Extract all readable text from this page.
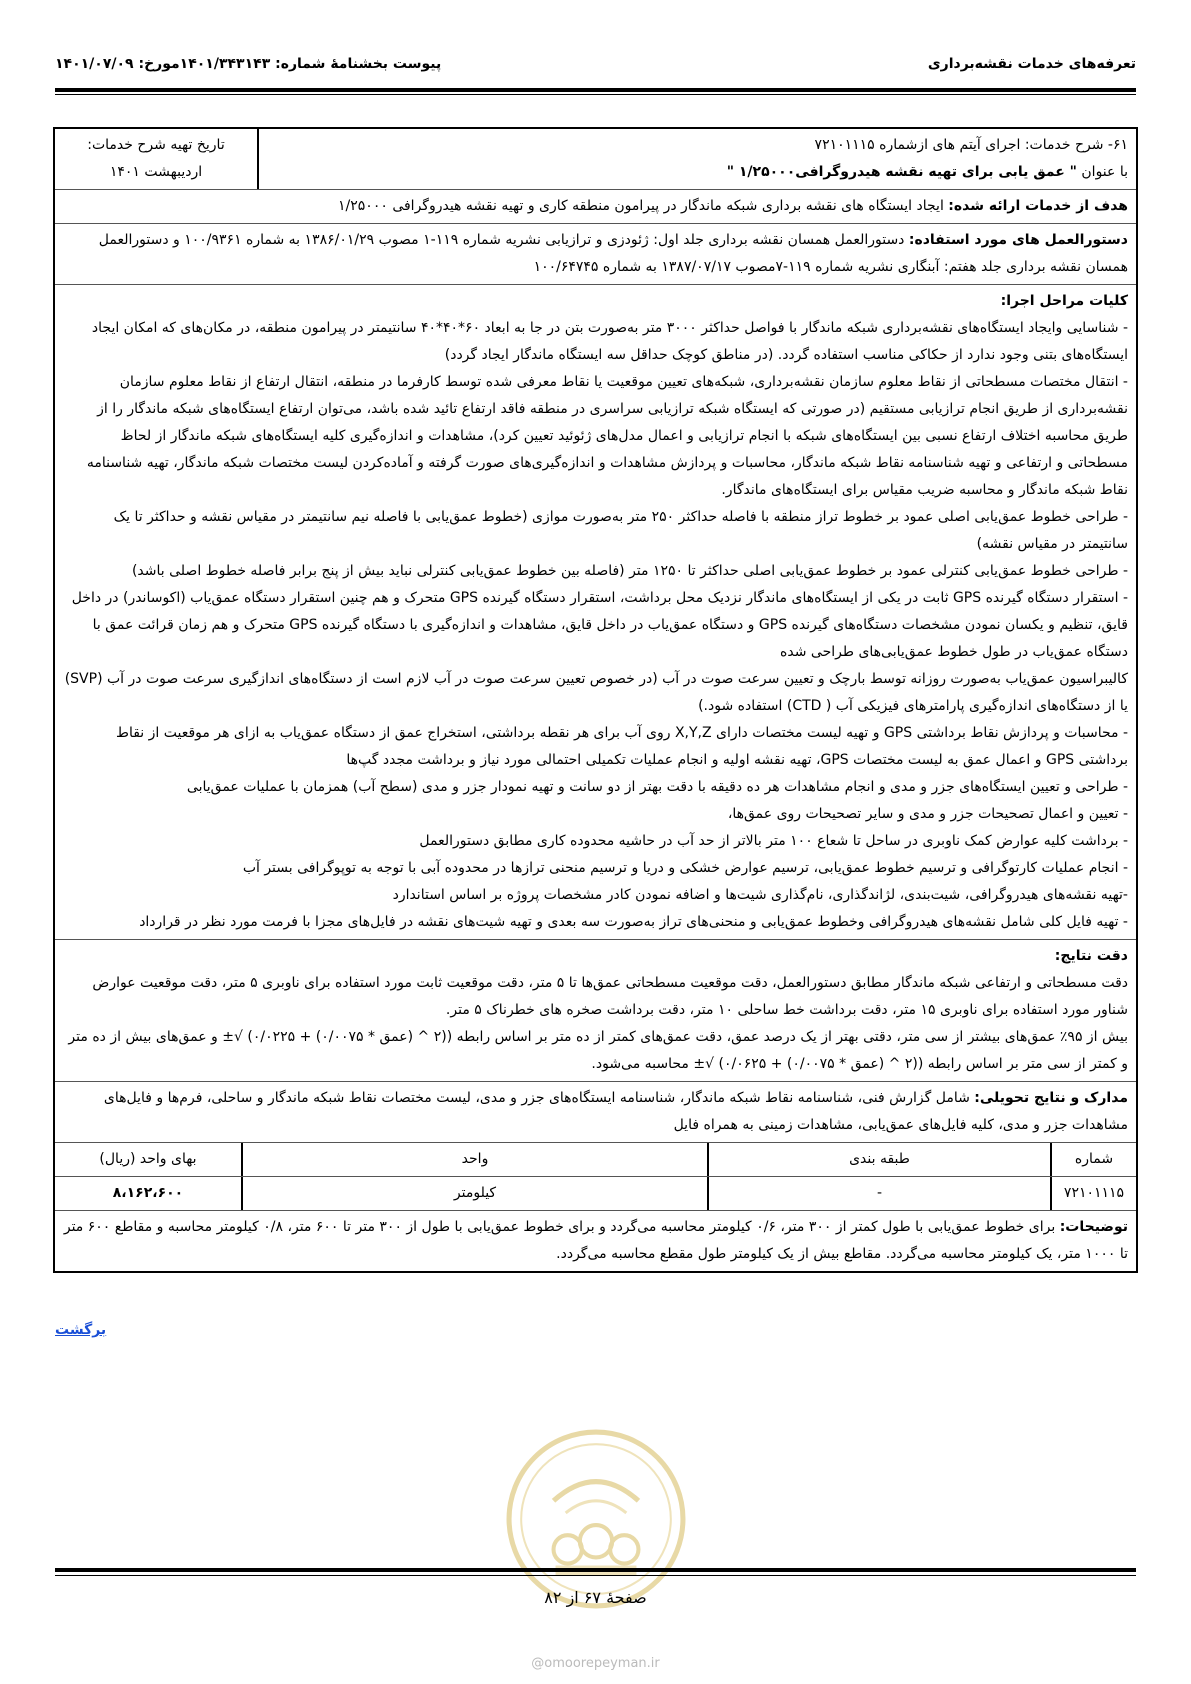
تعرفه‌های خدمات نقشه‌برداری
پیوست بخشنامۀ شماره: ۱۴۰۱/۳۴۳۱۴۳مورخ: ۱۴۰۱/۰۷/۰۹
۶۱- شرح خدمات: اجرای آیتم های ازشماره ۷۲۱۰۱۱۱۵
با عنوان " عمق یابی برای تهیه نقشه هیدروگرافی۱/۲۵۰۰۰ "
تاریخ تهیه شرح خدمات:
اردیبهشت ۱۴۰۱
هدف از خدمات ارائه شده: ایجاد ایستگاه های نقشه برداری شبکه ماندگار در پیرامون منطقه کاری و تهیه نقشه هیدروگرافی ۱/۲۵۰۰۰
دستورالعمل های مورد استفاده: دستورالعمل همسان نقشه برداری جلد اول: ژئودزی و ترازیابی نشریه شماره ۱۱۹-۱ مصوب ۱۳۸۶/۰۱/۲۹ به شماره ۱۰۰/۹۳۶۱ و دستورالعمل همسان نقشه برداری جلد هفتم: آبنگاری نشریه شماره ۱۱۹-۷مصوب ۱۳۸۷/۰۷/۱۷ به شماره ۱۰۰/۶۴۷۴۵
کلیات مراحل اجرا:
- شناسایی وایجاد ایستگاه‌های نقشه‌برداری شبکه ماندگار با فواصل حداکثر ۳۰۰۰ متر به‌صورت بتن در جا به ابعاد ۶۰*۴۰*۴۰ سانتیمتر در پیرامون منطقه، در مکان‌های که امکان ایجاد ایستگاه‌های بتنی وجود ندارد از حکاکی مناسب استفاده گردد. (در مناطق کوچک حداقل سه ایستگاه ماندگار ایجاد گردد)
- انتقال مختصات مسطحاتی از نقاط معلوم سازمان نقشه‌برداری، شبکه‌های تعیین موقعیت یا نقاط معرفی شده توسط کارفرما در منطقه، انتقال ارتفاع از نقاط معلوم سازمان نقشه‌برداری از طریق انجام ترازیابی مستقیم (در صورتی که ایستگاه شبکه ترازیابی سراسری در منطقه فاقد ارتفاع تائید شده باشد، می‌توان ارتفاع ایستگاه‌های شبکه ماندگار را از طریق محاسبه اختلاف ارتفاع نسبی بین ایستگاه‌های شبکه با انجام ترازیابی و اعمال مدل‌های ژئوئید تعیین کرد)، مشاهدات و اندازه‌گیری کلیه ایستگاه‌های شبکه ماندگار از لحاظ مسطحاتی و ارتفاعی و تهیه شناسنامه نقاط شبکه ماندگار، محاسبات و پردازش مشاهدات و اندازه‌گیری‌های صورت گرفته و آماده‌کردن لیست مختصات شبکه ماندگار، تهیه شناسنامه نقاط شبکه ماندگار و محاسبه ضریب مقیاس برای ایستگاه‌های ماندگار.
- طراحی خطوط عمق‌یابی اصلی عمود بر خطوط تراز منطقه با فاصله حداکثر ۲۵۰ متر به‌صورت موازی (خطوط عمق‌یابی با فاصله نیم سانتیمتر در مقیاس نقشه و حداکثر تا یک سانتیمتر در مقیاس نقشه)
- طراحی خطوط عمق‌یابی کنترلی عمود بر خطوط عمق‌یابی اصلی حداکثر تا ۱۲۵۰ متر (فاصله بین خطوط عمق‌یابی کنترلی نباید بیش از پنج برابر فاصله خطوط اصلی باشد)
- استقرار دستگاه گیرنده GPS ثابت در یکی از ایستگاه‌های ماندگار نزدیک محل برداشت، استقرار دستگاه گیرنده GPS متحرک و هم چنین استقرار دستگاه عمق‌یاب (اکوساندر) در داخل قایق، تنظیم و یکسان نمودن مشخصات دستگاه‌های گیرنده GPS و دستگاه عمق‌یاب در داخل قایق، مشاهدات و اندازه‌گیری با دستگاه گیرنده GPS متحرک و هم زمان قرائت عمق با دستگاه عمق‌یاب در طول خطوط عمق‌یابی‌های طراحی شده
کالیبراسیون عمق‌یاب به‌صورت روزانه توسط بارچک و تعیین سرعت صوت در آب (در خصوص تعیین سرعت صوت در آب لازم است از دستگاه‌های اندازگیری سرعت صوت در آب (SVP) یا از دستگاه‌های اندازه‌گیری پارامترهای فیزیکی آب ( CTD) استفاده شود.)
- محاسبات و پردازش نقاط برداشتی GPS و تهیه لیست مختصات دارای X,Y,Z روی آب برای هر نقطه برداشتی، استخراج عمق از دستگاه عمق‌یاب به ازای هر موقعیت از نقاط برداشتی GPS و اعمال عمق به لیست مختصات GPS، تهیه نقشه اولیه و انجام عملیات تکمیلی احتمالی مورد نیاز و برداشت مجدد گپ‌ها
- طراحی و تعیین ایستگاه‌های جزر و مدی و انجام مشاهدات هر ده دقیقه با دقت بهتر از دو سانت و تهیه نمودار جزر و مدی (سطح آب) همزمان با عملیات عمق‌یابی
- تعیین و اعمال تصحیحات جزر و مدی و سایر تصحیحات روی عمق‌ها،
- برداشت کلیه عوارض کمک ناوبری در ساحل تا شعاع ۱۰۰ متر بالاتر از حد آب در حاشیه محدوده کاری مطابق دستورالعمل
- انجام عملیات کارتوگرافی و ترسیم خطوط عمق‌یابی، ترسیم عوارض خشکی و دریا و ترسیم منحنی ترازها در محدوده آبی با توجه به توپوگرافی بستر آب
-تهیه نقشه‌های هیدروگرافی، شیت‌بندی، لژاندگذاری، نام‌گذاری شیت‌ها و اضافه نمودن کادر مشخصات پروژه بر اساس استاندارد
- تهیه فایل کلی شامل نقشه‌های هیدروگرافی وخطوط عمق‌یابی و منحنی‌های تراز به‌صورت سه بعدی و تهیه شیت‌های نقشه در فایل‌های مجزا با فرمت مورد نظر در قرارداد
دقت نتایج:
دقت مسطحاتی و ارتفاعی شبکه ماندگار مطابق دستورالعمل، دقت موقعیت مسطحاتی عمق‌ها تا ۵ متر، دقت موقعیت ثابت مورد استفاده برای ناوبری ۵ متر، دقت موقعیت عوارض شناور مورد استفاده برای ناوبری ۱۵ متر، دقت برداشت خط ساحلی ۱۰ متر، دقت برداشت صخره های خطرناک ۵ متر.
بیش از ۹۵٪ عمق‌های بیشتر از سی متر، دقتی بهتر از یک درصد عمق، دقت عمق‌های کمتر از ده متر بر اساس رابطه ((۲ ^ (عمق * ۰/۰۰۷۵) + ۰/۰۲۲۵) √± و عمق‌های بیش از ده متر و کمتر از سی متر بر اساس رابطه ((۲ ^ (عمق * ۰/۰۰۷۵) + ۰/۰۶۲۵) √± محاسبه می‌شود.
مدارک و نتایج تحویلی: شامل گزارش فنی، شناسنامه نقاط شبکه ماندگار، شناسنامه ایستگاه‌های جزر و مدی، لیست مختصات نقاط شبکه ماندگار و ساحلی، فرم‌ها و فایل‌های مشاهدات جزر و مدی، کلیه فایل‌های عمق‌یابی، مشاهدات زمینی به همراه فایل
شماره
طبقه بندی
واحد
بهای واحد (ریال)
۷۲۱۰۱۱۱۵
-
کیلومتر
۸،۱۶۲،۶۰۰
توضیحات: برای خطوط عمق‌یابی با طول کمتر از ۳۰۰ متر، ۰/۶ کیلومتر محاسبه می‌گردد و برای خطوط عمق‌یابی با طول از ۳۰۰ متر تا ۶۰۰ متر، ۰/۸ کیلومتر محاسبه و مقاطع ۶۰۰ متر تا ۱۰۰۰ متر، یک کیلومتر محاسبه می‌گردد. مقاطع بیش از یک کیلومتر طول مقطع محاسبه می‌گردد.
برگشت
صفحۀ ۶۷ از ۸۲
@omoorepeyman.ir
